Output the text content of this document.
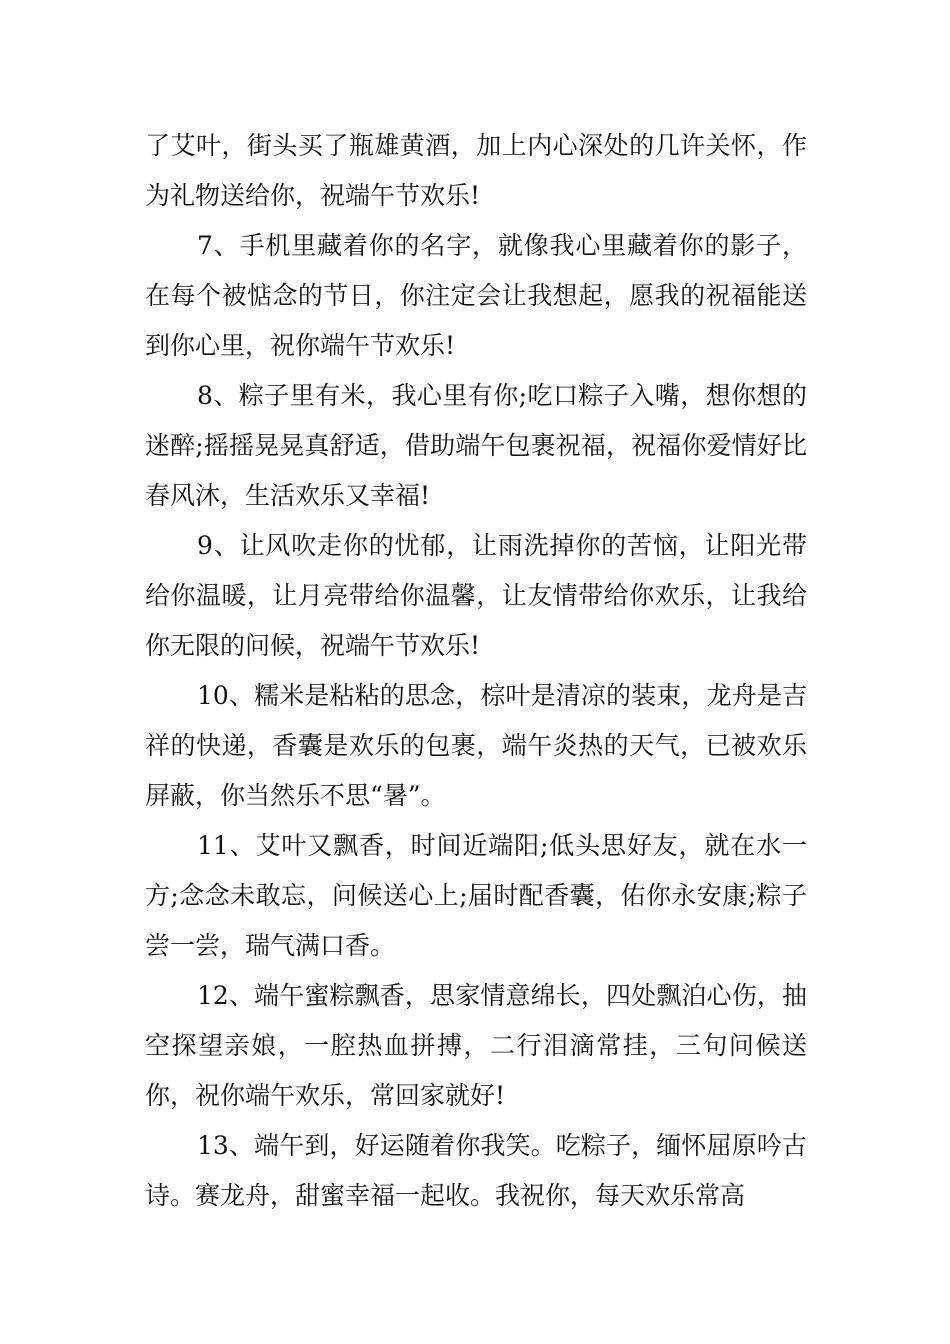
了艾叶，街头买了瓶雄黄酒，加上内心深处的几许关怀，作为礼物送给你，祝端午节欢乐!

7、手机里藏着你的名字，就像我心里藏着你的影子，在每个被惦念的节日，你注定会让我想起，愿我的祝福能送到你心里，祝你端午节欢乐!

8、粽子里有米，我心里有你;吃口粽子入嘴，想你想的迷醉;摇摇晃晃真舒适，借助端午包裹祝福，祝福你爱情好比春风沐，生活欢乐又幸福!

9、让风吹走你的忧郁，让雨洗掉你的苦恼，让阳光带给你温暖，让月亮带给你温馨，让友情带给你欢乐，让我给你无限的问候，祝端午节欢乐!

10、糯米是粘粘的思念，棕叶是清凉的装束，龙舟是吉祥的快递，香囊是欢乐的包裹，端午炎热的天气，已被欢乐屏蔽，你当然乐不思“暑”。

11、艾叶又飘香，时间近端阳;低头思好友，就在水一方;念念未敢忘，问候送心上;届时配香囊，佑你永安康;粽子尝一尝，瑞气满口香。

12、端午蜜粽飘香，思家情意绵长，四处飘泊心伤，抽空探望亲娘，一腔热血拼搏，二行泪滴常挂，三句问候送你，祝你端午欢乐，常回家就好!

13、端午到，好运随着你我笑。吃粽子，缅怀屈原吟古诗。赛龙舟，甜蜜幸福一起收。我祝你，每天欢乐常高
